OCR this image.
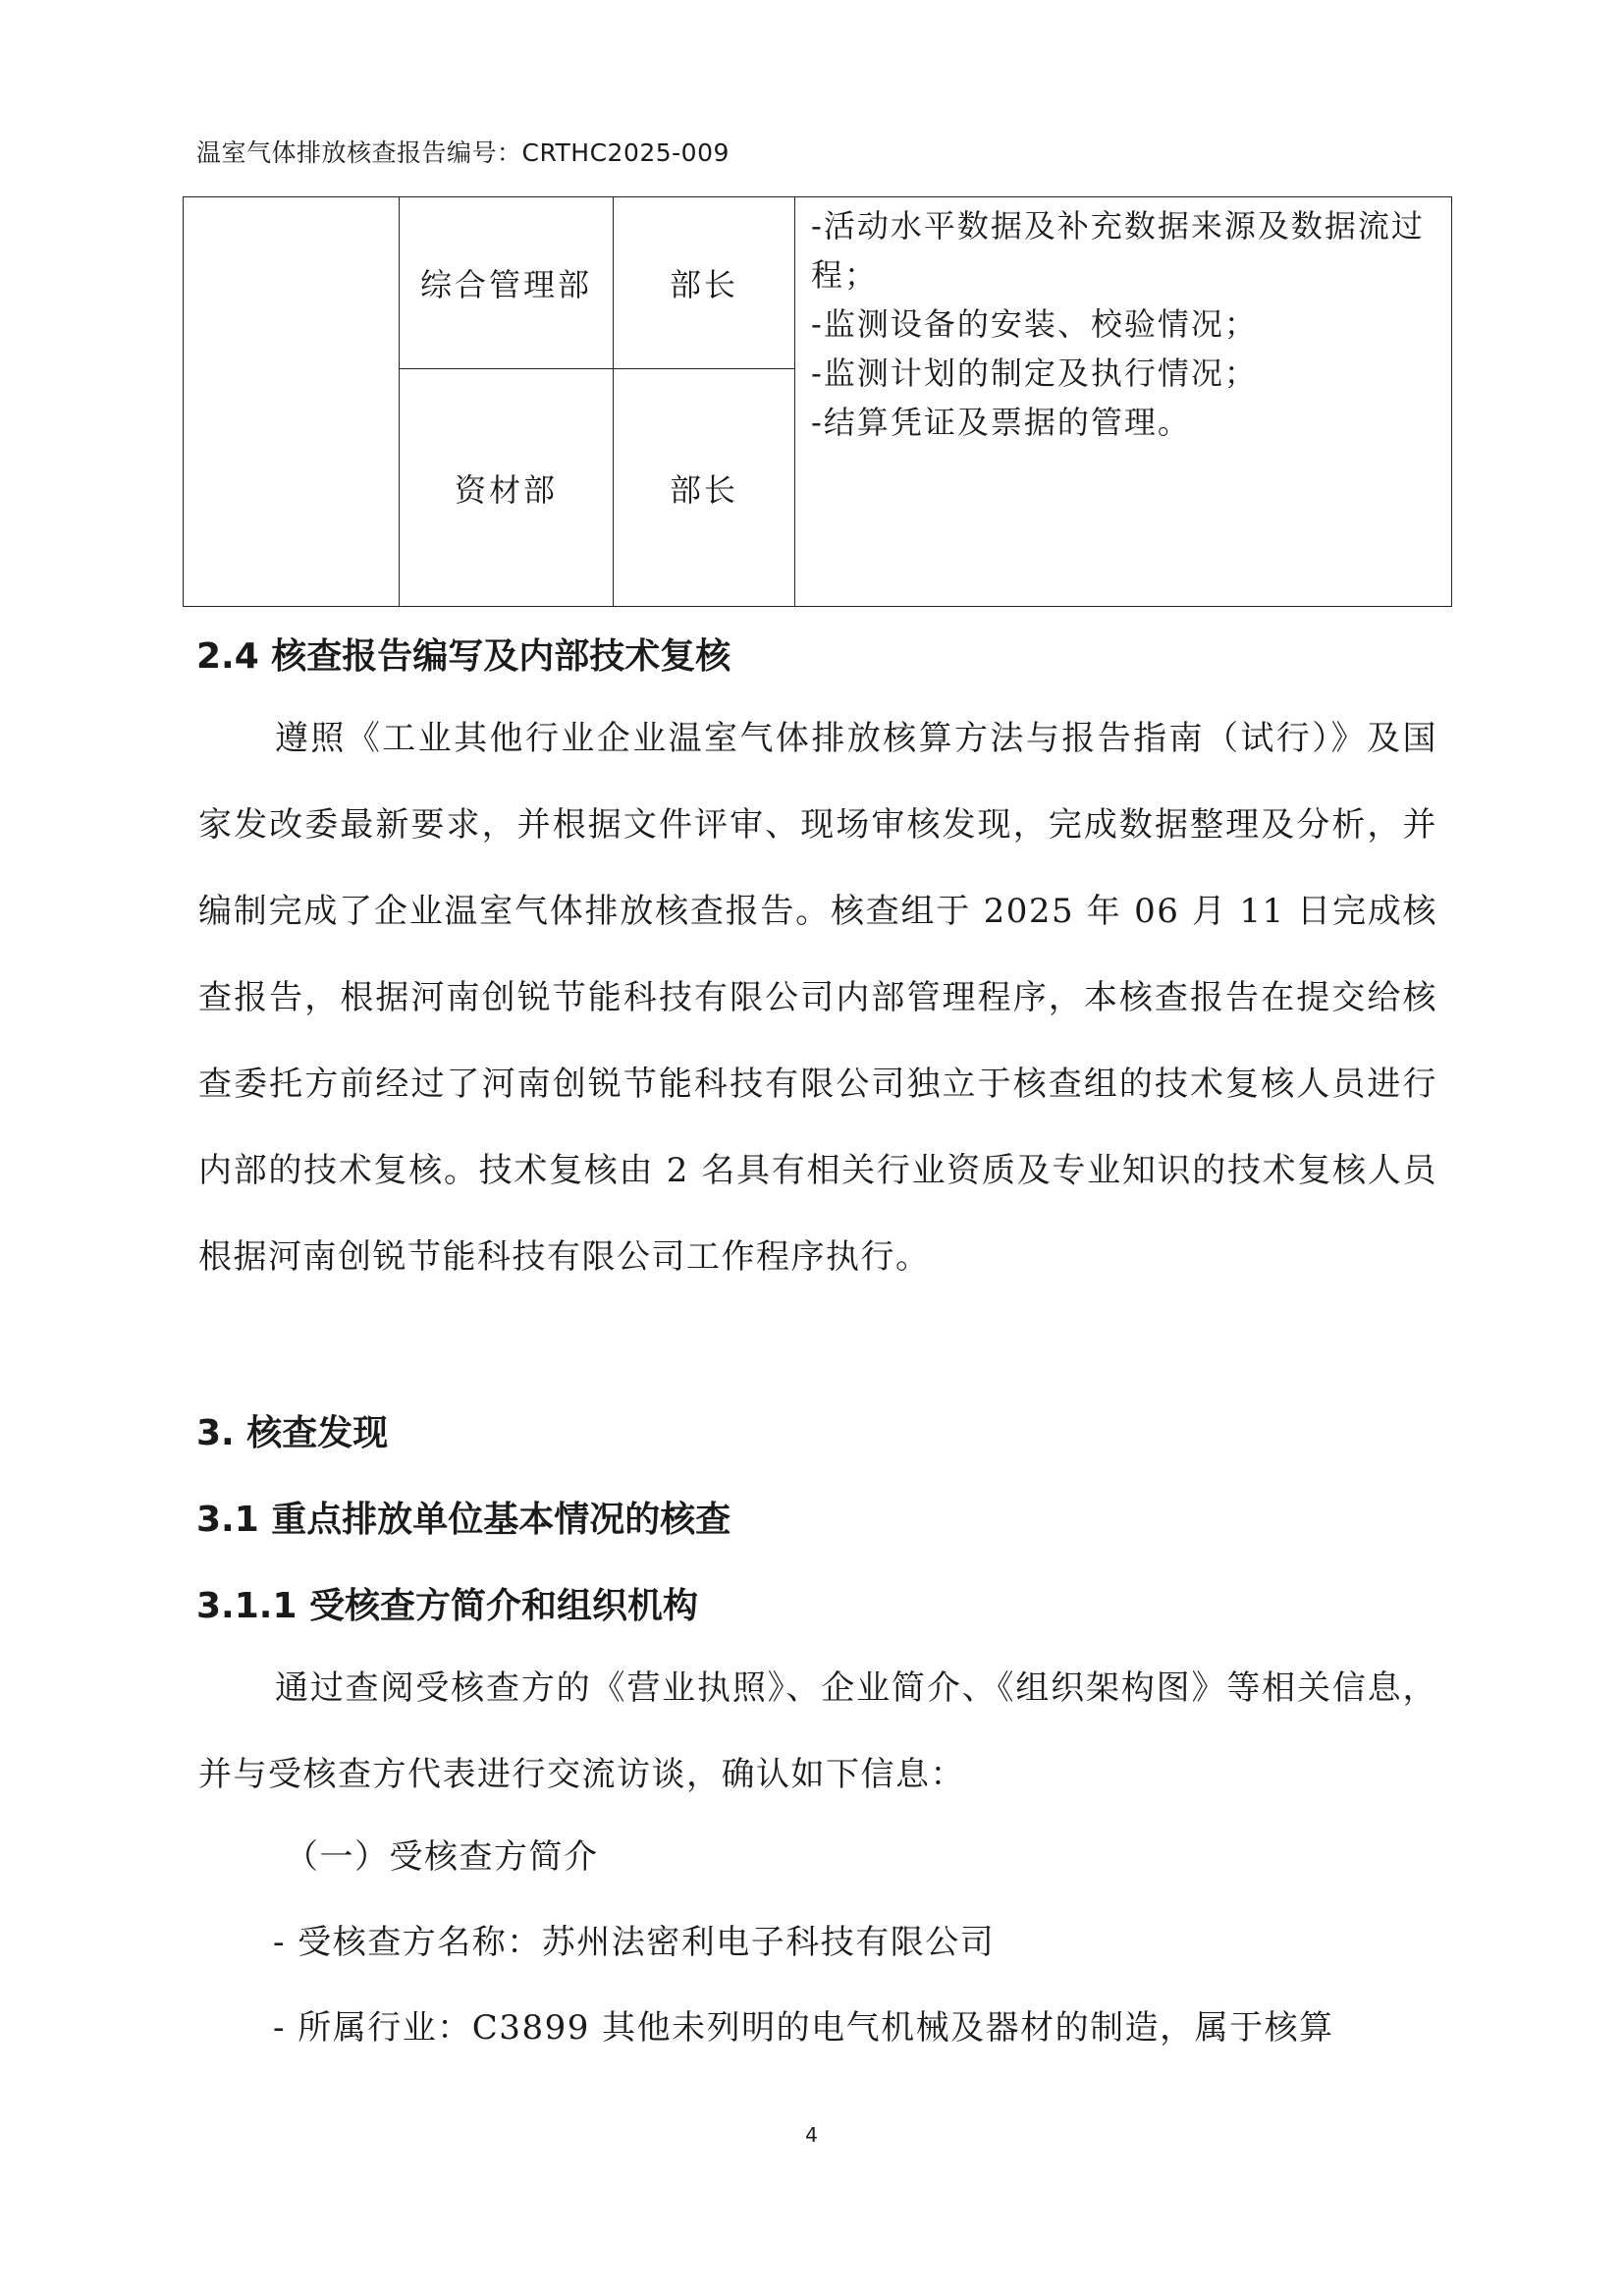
温室气体排放核查报告编号：CRTHC2025-009
	综合管理部	部长	-活动水平数据及补充数据来源及数据流过程；
-监测设备的安装、校验情况；
-监测计划的制定及执行情况；
-结算凭证及票据的管理。

	资材部	部长	
2.4 核查报告编写及内部技术复核

遵照《工业其他行业企业温室气体排放核算方法与报告指南（试行）》及国家发改委最新要求，并根据文件评审、现场审核发现，完成数据整理及分析，并编制完成了企业温室气体排放核查报告。核查组于 2025 年 06 月 11 日完成核查报告，根据河南创锐节能科技有限公司内部管理程序，本核查报告在提交给核查委托方前经过了河南创锐节能科技有限公司独立于核查组的技术复核人员进行内部的技术复核。技术复核由 2 名具有相关行业资质及专业知识的技术复核人员根据河南创锐节能科技有限公司工作程序执行。

3. 核查发现
3.1 重点排放单位基本情况的核查
3.1.1 受核查方简介和组织机构

通过查阅受核查方的《营业执照》、企业简介、《组织架构图》等相关信息，并与受核查方代表进行交流访谈，确认如下信息：

（一）受核查方简介
- 受核查方名称：苏州法密利电子科技有限公司
- 所属行业：C3899 其他未列明的电气机械及器材的制造，属于核算
4
